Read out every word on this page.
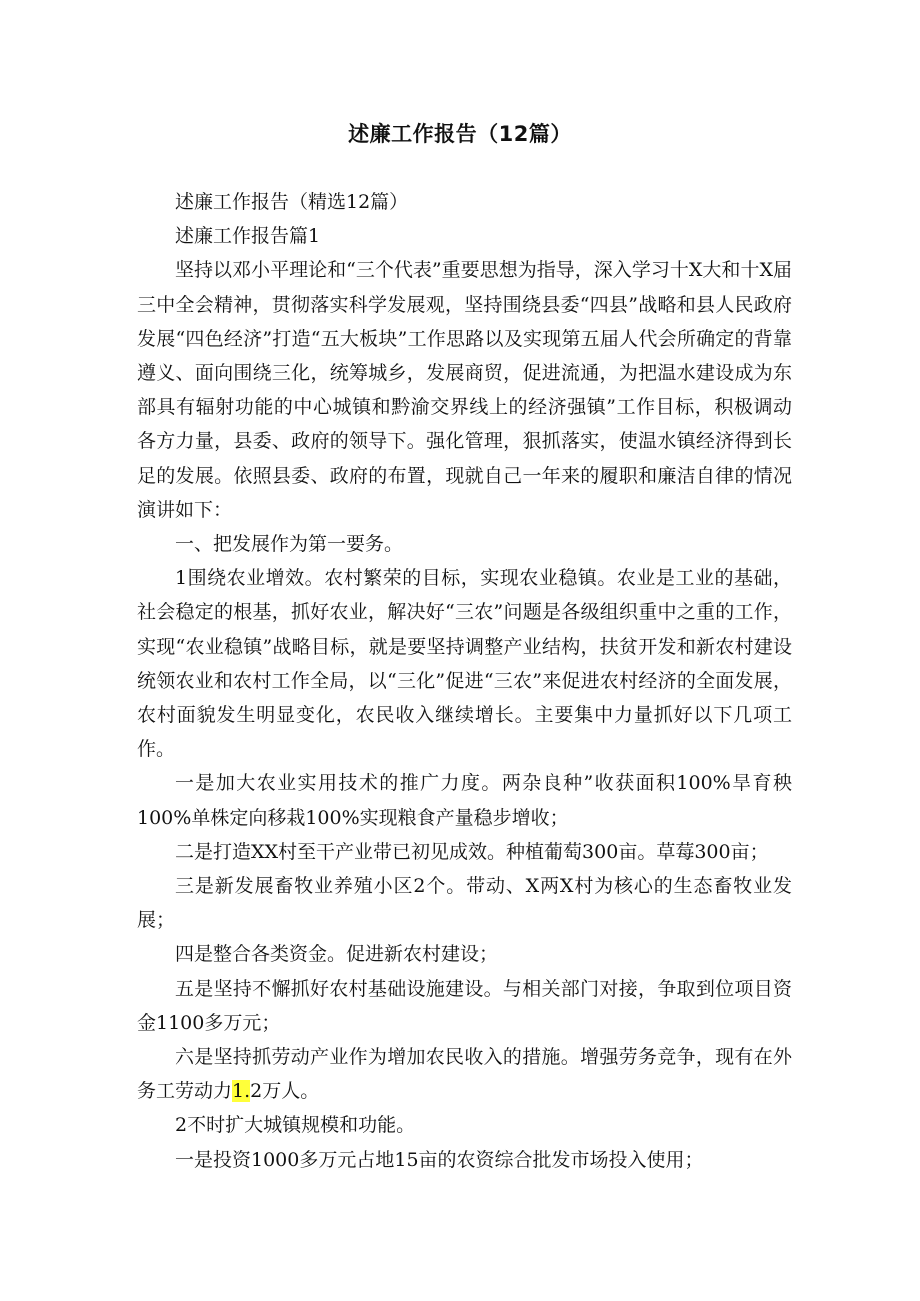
述廉工作报告（12篇）

述廉工作报告（精选12篇）

述廉工作报告篇1

坚持以邓小平理论和“三个代表”重要思想为指导，深入学习十X大和十X届三中全会精神，贯彻落实科学发展观，坚持围绕县委“四县”战略和县人民政府发展“四色经济”打造“五大板块”工作思路以及实现第五届人代会所确定的背靠遵义、面向围绕三化，统筹城乡，发展商贸，促进流通，为把温水建设成为东部具有辐射功能的中心城镇和黔渝交界线上的经济强镇”工作目标，积极调动各方力量，县委、政府的领导下。强化管理，狠抓落实，使温水镇经济得到长足的发展。依照县委、政府的布置，现就自己一年来的履职和廉洁自律的情况演讲如下：

一、把发展作为第一要务。

1围绕农业增效。农村繁荣的目标，实现农业稳镇。农业是工业的基础，社会稳定的根基，抓好农业，解决好“三农”问题是各级组织重中之重的工作，实现“农业稳镇”战略目标，就是要坚持调整产业结构，扶贫开发和新农村建设统领农业和农村工作全局，以“三化”促进“三农”来促进农村经济的全面发展，农村面貌发生明显变化，农民收入继续增长。主要集中力量抓好以下几项工作。

一是加大农业实用技术的推广力度。两杂良种”收获面积100%旱育秧100%单株定向移栽100%实现粮食产量稳步增收；

二是打造XX村至干产业带已初见成效。种植葡萄300亩。草莓300亩；

三是新发展畜牧业养殖小区2个。带动、X两X村为核心的生态畜牧业发展；

四是整合各类资金。促进新农村建设；

五是坚持不懈抓好农村基础设施建设。与相关部门对接，争取到位项目资金1100多万元；

六是坚持抓劳动产业作为增加农民收入的措施。增强劳务竞争，现有在外务工劳动力1.2万人。

2不时扩大城镇规模和功能。

一是投资1000多万元占地15亩的农资综合批发市场投入使用；
